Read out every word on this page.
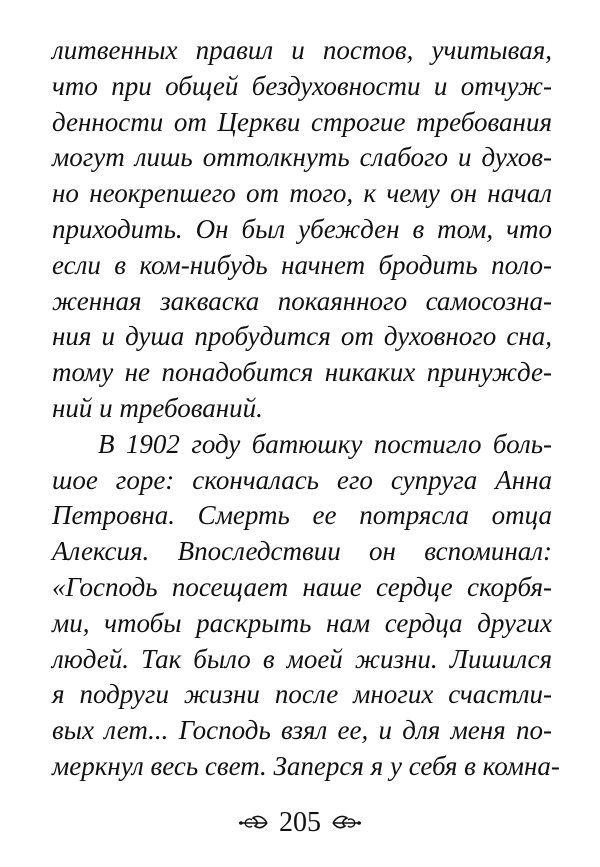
литвенных правил и постов, учитывая,
что при общей бездуховности и отчуж-
денности от Церкви строгие требования
могут лишь оттолкнуть слабого и духов-
но неокрепшего от того, к чему он начал
приходить. Он был убежден в том, что
если в ком-нибудь начнет бродить поло-
женная закваска покаянного самосозна-
ния и душа пробудится от духовного сна,
тому не понадобится никаких принужде-
ний и требований.
В 1902 году батюшку постигло боль-
шое горе: скончалась его супруга Анна
Петровна. Смерть ее потрясла отца
Алексия. Впоследствии он вспоминал:
«Господь посещает наше сердце скорбя-
ми, чтобы раскрыть нам сердца других
людей. Так было в моей жизни. Лишился
я подруги жизни после многих счастли-
вых лет... Господь взял ее, и для меня по-
меркнул весь свет. Заперся я у себя в комна-
205
